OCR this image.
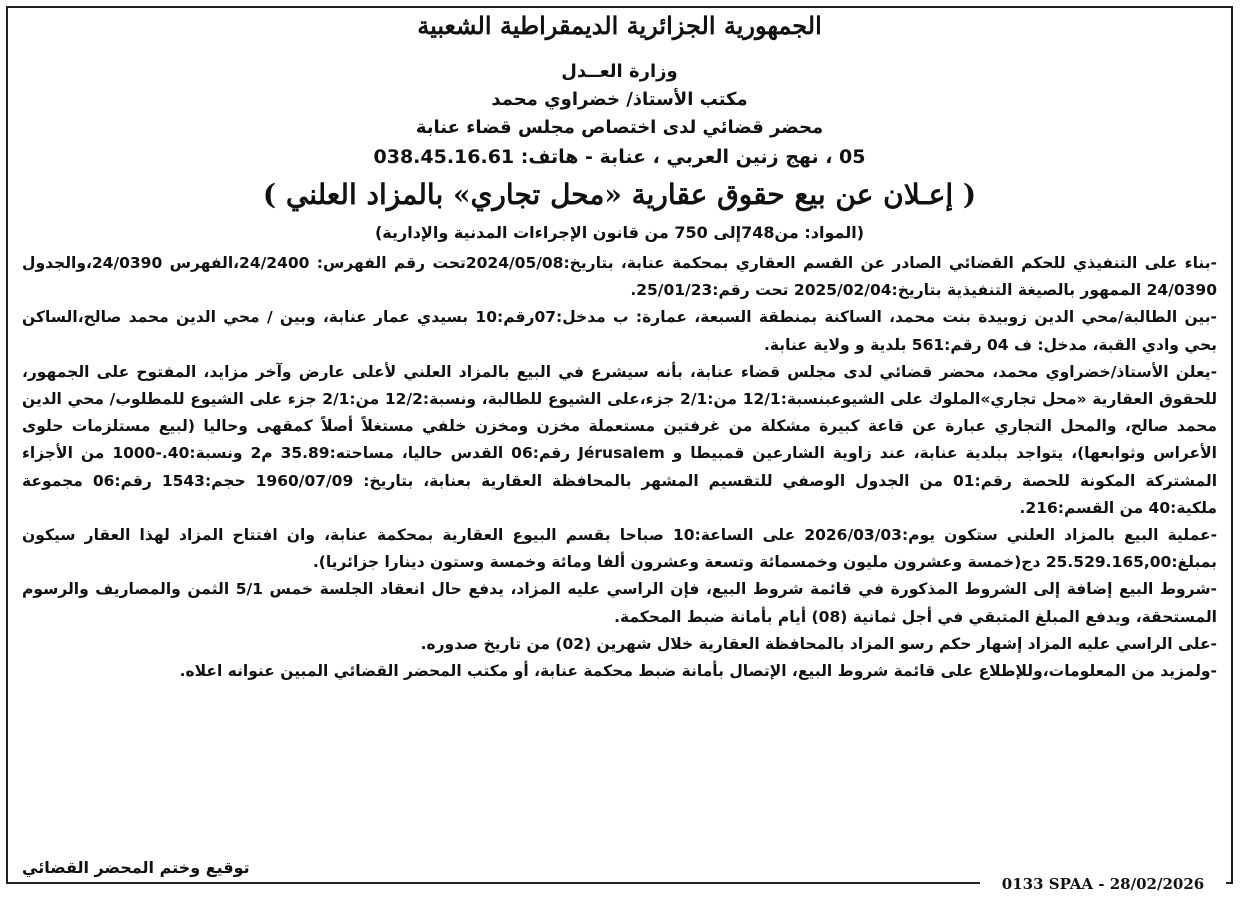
الجمهورية الجزائرية الديمقراطية الشعبية
وزارة العــدل
مكتب الأستاذ/ خضراوي محمد
محضر قضائي لدى اختصاص مجلس قضاء عنابة
05 ، نهج زنين العربي ، عنابة - هاتف: 038.45.16.61
( إعـلان عن بيع حقوق عقارية «محل تجاري» بالمزاد العلني )
(المواد: من748إلى 750 من قانون الإجراءات المدنية والإدارية)

-بناء على التنفيذي للحكم القضائي الصادر عن القسم العقاري بمحكمة عنابة، بتاريخ:2024/05/08تحت رقم الفهرس: 24/2400،الفهرس 24/0390،والجدول 24/0390 الممهور بالصيغة التنفيذية بتاريخ:2025/02/04 تحت رقم:25/01/23.

-بين الطالبة/محي الدين زوبيدة بنت محمد، الساكنة بمنطقة السبعة، عمارة: ب مدخل:07رقم:10 بسيدي عمار عنابة، وبين / محي الدين محمد صالح،الساكن بحي وادي القبة، مدخل: ف 04 رقم:561 بلدية و ولاية عنابة.

-يعلن الأستاذ/خضراوي محمد، محضر قضائي لدى مجلس قضاء عنابة، بأنه سيشرع في البيع بالمزاد العلني لأعلى عارض وآخر مزايد، المفتوح على الجمهور، للحقوق العقارية «محل تجاري»الملوك على الشيوعبنسبة:12/1 من:2/1 جزء،على الشيوع للطالبة، ونسبة:12/2 من:2/1 جزء على الشيوع للمطلوب/ محي الدين محمد صالح، والمحل التجاري عبارة عن قاعة كبيرة مشكلة من غرفتين مستعملة مخزن ومخزن خلفي مستغلاً أصلاً كمقهى وحاليا (لبيع مستلزمات حلوى الأعراس وثوابعها)، يتواجد ببلدية عنابة، عند زاوية الشارعين قمبيطا و Jérusalem رقم:06 القدس حاليا، مساحته:35.89 م2 ونسبة:40.-1000 من الأجزاء المشتركة المكونة للحصة رقم:01 من الجدول الوصفي للتقسيم المشهر بالمحافظة العقارية بعنابة، بتاريخ: 1960/07/09 حجم:1543 رقم:06 مجموعة ملكية:40 من القسم:216.

-عملية البيع بالمزاد العلني ستكون يوم:2026/03/03 على الساعة:10 صباحا بقسم البيوع العقارية بمحكمة عنابة، وان افتتاح المزاد لهذا العقار سيكون بمبلغ:25.529.165,00 دج(خمسة وعشرون مليون وخمسمائة وتسعة وعشرون ألفا ومائة وخمسة وستون دينارا جزائريا).

-شروط البيع إضافة إلى الشروط المذكورة في قائمة شروط البيع، فإن الراسي عليه المزاد، يدفع حال انعقاد الجلسة خمس 5/1 الثمن والمصاريف والرسوم المستحقة، ويدفع المبلغ المتبقي في أجل ثمانية (08) أيام بأمانة ضبط المحكمة.

-على الراسي عليه المزاد إشهار حكم رسو المزاد بالمحافظة العقارية خلال شهرين (02) من تاريخ صدوره.

-ولمزيد من المعلومات،وللإطلاع على قائمة شروط البيع، الإتصال بأمانة ضبط محكمة عنابة، أو مكتب المحضر القضائي المبين عنوانه اعلاه.

توقيع وختم المحضر القضائي
0133 SPAA - 28/02/2026
